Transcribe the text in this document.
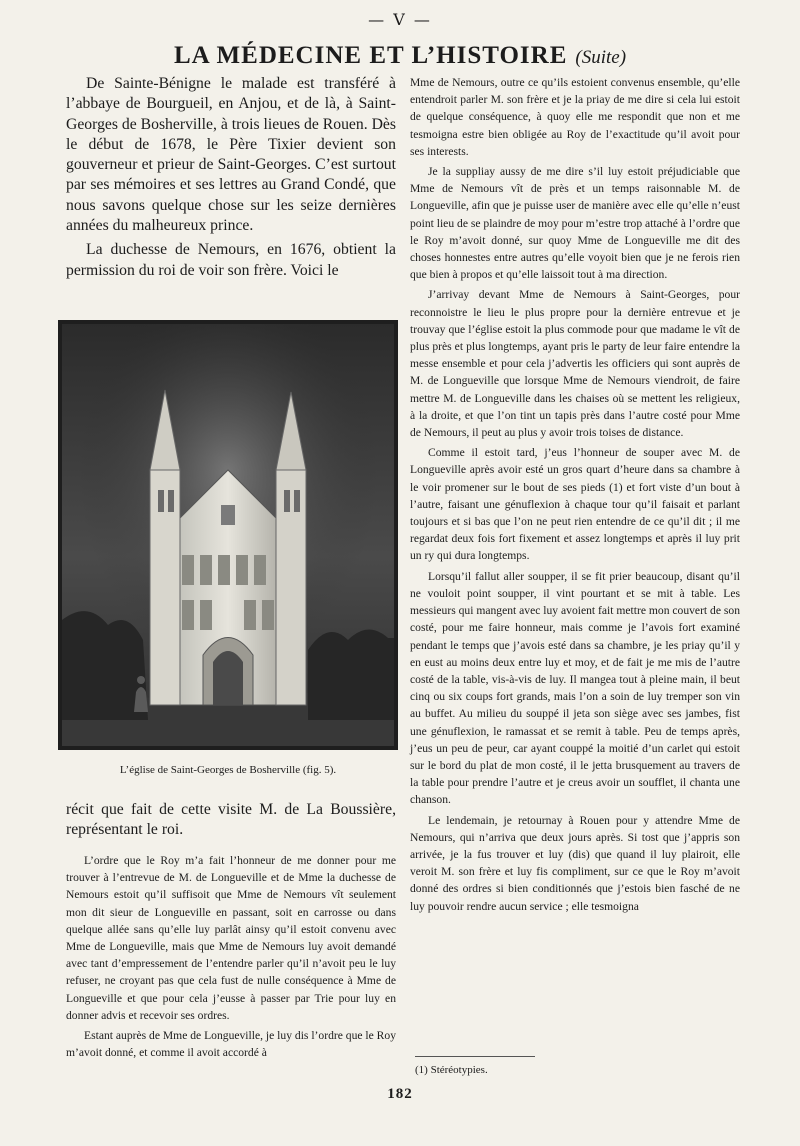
— V —
LA MÉDECINE ET L’HISTOIRE (Suite)

De Sainte-Bénigne le malade est transféré à l’abbaye de Bourgueil, en Anjou, et de là, à Saint-Georges de Bosherville, à trois lieues de Rouen. Dès le début de 1678, le Père Tixier devient son gouverneur et prieur de Saint-Georges. C’est surtout par ses mémoires et ses lettres au Grand Condé, que nous savons quelque chose sur les seize dernières années du malheureux prince.

La duchesse de Nemours, en 1676, obtient la permission du roi de voir son frère. Voici le

L’église de Saint-Georges de Bosherville (fig. 5).

récit que fait de cette visite M. de La Boussière, représentant le roi.

L’ordre que le Roy m’a fait l’honneur de me donner pour me trouver à l’entrevue de M. de Longueville et de Mme la duchesse de Nemours estoit qu’il suffisoit que Mme de Nemours vît seulement mon dit sieur de Longueville en passant, soit en carrosse ou dans quelque allée sans qu’elle luy parlât ainsy qu’il estoit convenu avec Mme de Longueville, mais que Mme de Nemours luy avoit demandé avec tant d’empressement de l’entendre parler qu’il n’avoit peu le luy refuser, ne croyant pas que cela fust de nulle conséquence à Mme de Longueville et que pour cela j’eusse à passer par Trie pour luy en donner advis et recevoir ses ordres.

Estant auprès de Mme de Longueville, je luy dis l’ordre que le Roy m’avoit donné, et comme il avoit accordé à

Mme de Nemours, outre ce qu’ils estoient convenus ensemble, qu’elle entendroit parler M. son frère et je la priay de me dire si cela lui estoit de quelque conséquence, à quoy elle me respondit que non et me tesmoigna estre bien obligée au Roy de l’exactitude qu’il avoit pour ses interests.

Je la suppliay aussy de me dire s’il luy estoit préjudiciable que Mme de Nemours vît de près et un temps raisonnable M. de Longueville, afin que je puisse user de manière avec elle qu’elle n’eust point lieu de se plaindre de moy pour m’estre trop attaché à l’ordre que le Roy m’avoit donné, sur quoy Mme de Longueville me dit des choses honnestes entre autres qu’elle voyoit bien que je ne ferois rien que bien à propos et qu’elle laissoit tout à ma direction.

J’arrivay devant Mme de Nemours à Saint-Georges, pour reconnoistre le lieu le plus propre pour la dernière entrevue et je trouvay que l’église estoit la plus commode pour que madame le vît de plus près et plus longtemps, ayant pris le party de leur faire entendre la messe ensemble et pour cela j’advertis les officiers qui sont auprès de M. de Longueville que lorsque Mme de Nemours viendroit, de faire mettre M. de Longueville dans les chaises où se mettent les religieux, à la droite, et que l’on tint un tapis près dans l’autre costé pour Mme de Nemours, il peut au plus y avoir trois toises de distance.

Comme il estoit tard, j’eus l’honneur de souper avec M. de Longueville après avoir esté un gros quart d’heure dans sa chambre à le voir promener sur le bout de ses pieds (1) et fort viste d’un bout à l’autre, faisant une génuflexion à chaque tour qu’il faisait et parlant toujours et si bas que l’on ne peut rien entendre de ce qu’il dit ; il me regardat deux fois fort fixement et assez longtemps et après il luy prit un ry qui dura longtemps.

Lorsqu’il fallut aller soupper, il se fit prier beaucoup, disant qu’il ne vouloit point soupper, il vint pourtant et se mit à table. Les messieurs qui mangent avec luy avoient fait mettre mon couvert de son costé, pour me faire honneur, mais comme je l’avois fort examiné pendant le temps que j’avois esté dans sa chambre, je les priay qu’il y en eust au moins deux entre luy et moy, et de fait je me mis de l’autre costé de la table, vis-à-vis de luy. Il mangea tout à pleine main, il beut cinq ou six coups fort grands, mais l’on a soin de luy tremper son vin au buffet. Au milieu du souppé il jeta son siège avec ses jambes, fist une génuflexion, le ramassat et se remit à table. Peu de temps après, j’eus un peu de peur, car ayant couppé la moitié d’un carlet qui estoit sur le bord du plat de mon costé, il le jetta brusquement au travers de la table pour prendre l’autre et je creus avoir un soufflet, il chanta une chanson.

Le lendemain, je retournay à Rouen pour y attendre Mme de Nemours, qui n’arriva que deux jours après. Si tost que j’appris son arrivée, je la fus trouver et luy (dis) que quand il luy plairoit, elle veroit M. son frère et luy fis compliment, sur ce que le Roy m’avoit donné des ordres si bien conditionnés que j’estois bien fasché de ne luy pouvoir rendre aucun service ; elle tesmoigna

(1) Stéréotypies.
182
